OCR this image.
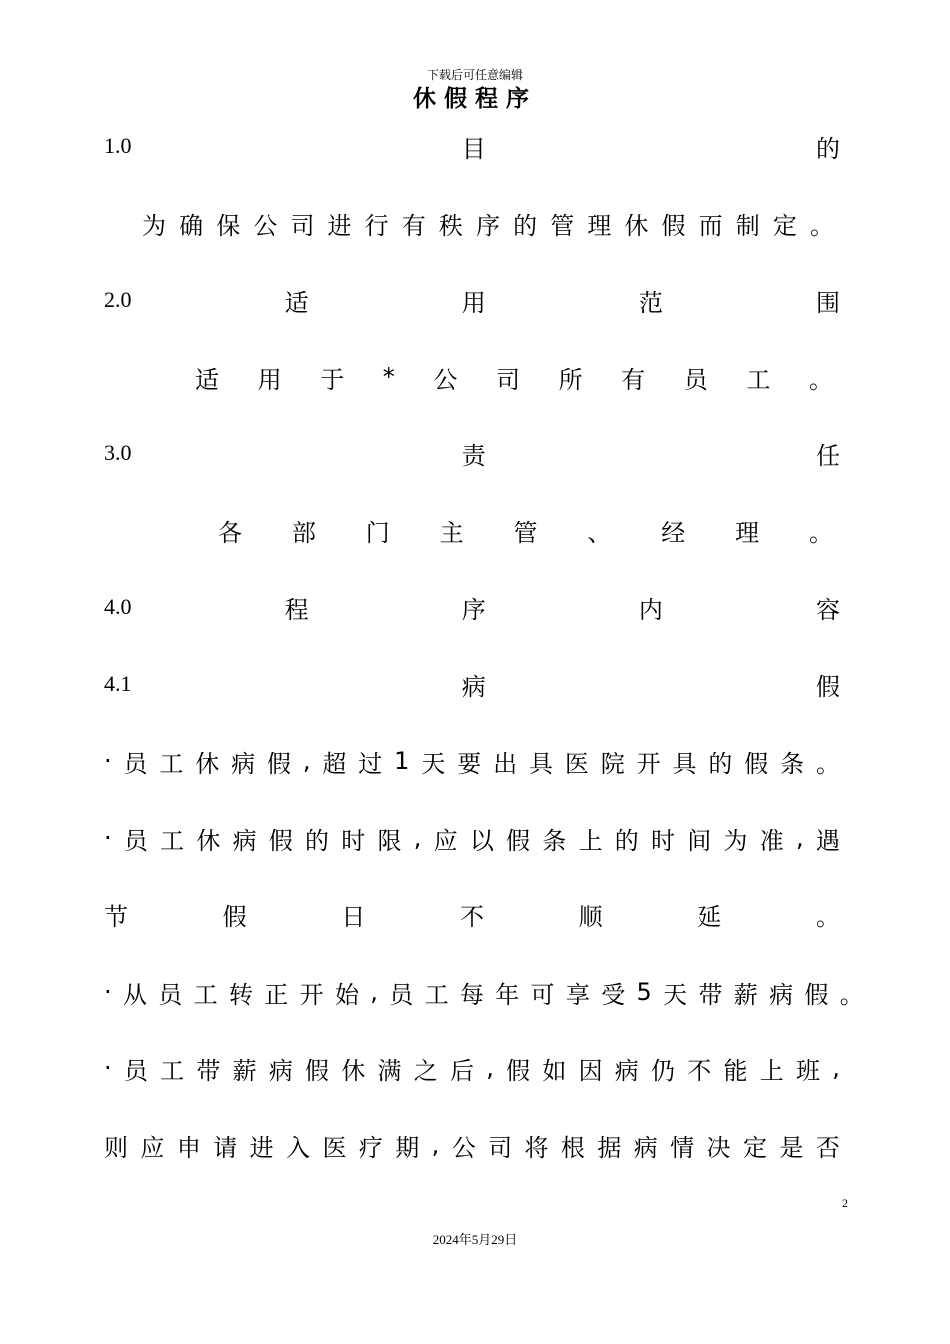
下载后可任意编辑
休假程序
1.0	目	的
为 确 保 公 司 进 行 有 秩 序 的 管 理 休 假 而 制 定 。
2.0	适	用	范	围
适 用 于 * 公 司 所 有 员 工 。
3.0	责	任
各 部 门 主 管 、 经 理 。
4.0	程	序	内	容
4.1	病	假
· 员 工 休 病 假 , 超 过 1 天 要 出 具 医 院 开 具 的 假 条 。
· 员 工 休 病 假 的 时 限 , 应 以 假 条 上 的 时 间 为 准 , 遇
节	假	日	不	顺	延	。
· 从 员 工 转 正 开 始 , 员 工 每 年 可 享 受 5 天 带 薪 病 假 。
· 员 工 带 薪 病 假 休 满 之 后 , 假 如 因 病 仍 不 能 上 班 ,
则 应 申 请 进 入 医 疗 期 , 公 司 将 根 据 病 情 决 定 是 否
2
2024年5月29日
